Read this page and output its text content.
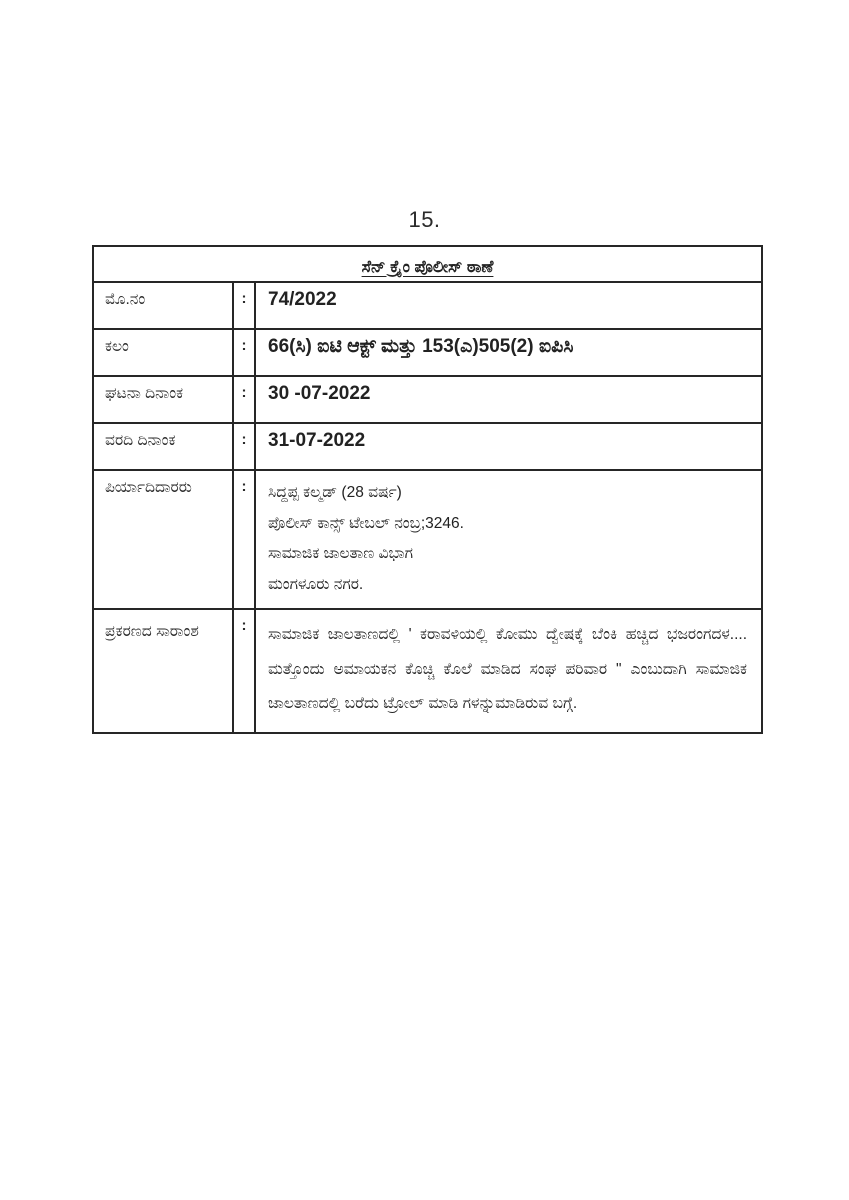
15.
ಸೆನ್ ಕ್ರೈಂ ಪೊಲೀಸ್ ಠಾಣೆ		
ಮೊ.ನಂ	:	74/2022
ಕಲಂ	:	66(ಸಿ) ಐಟಿ ಆಕ್ಟ್ ಮತ್ತು 153(ಎ)505(2) ಐಪಿಸಿ
ಘಟನಾ ದಿನಾಂಕ	:	30 -07-2022
ವರದಿ ದಿನಾಂಕ	:	31-07-2022
ಪಿರ್ಯಾದಿದಾರರು	:	ಸಿದ್ದಪ್ಪ ಕಲ್ಮಡ್ (28 ವರ್ಷ)
ಪೊಲೀಸ್ ಕಾನ್ಸ್ ಟೇಬಲ್ ನಂಬ್ರ;3246.
ಸಾಮಾಜಿಕ ಜಾಲತಾಣ ವಿಭಾಗ
ಮಂಗಳೂರು ನಗರ.

ಪ್ರಕರಣದ ಸಾರಾಂಶ	:	ಸಾಮಾಜಿಕ ಜಾಲತಾಣದಲ್ಲಿ ' ಕರಾವಳಿಯಲ್ಲಿ ಕೋಮು ದ್ವೇಷಕ್ಕೆ ಬೆಂಕಿ ಹಚ್ಚಿದ ಭಜರಂಗದಳ.... ಮತ್ತೊಂದು ಅಮಾಯಕನ ಕೊಚ್ಚಿ ಕೊಲೆ ಮಾಡಿದ ಸಂಘ ಪರಿವಾರ " ಎಂಬುದಾಗಿ ಸಾಮಾಜಿಕ ಜಾಲತಾಣದಲ್ಲಿ ಬರೆದು ಟ್ರೋಲ್ ಮಾಡಿ ಗಳನ್ನುಮಾಡಿರುವ ಬಗ್ಗೆ.
